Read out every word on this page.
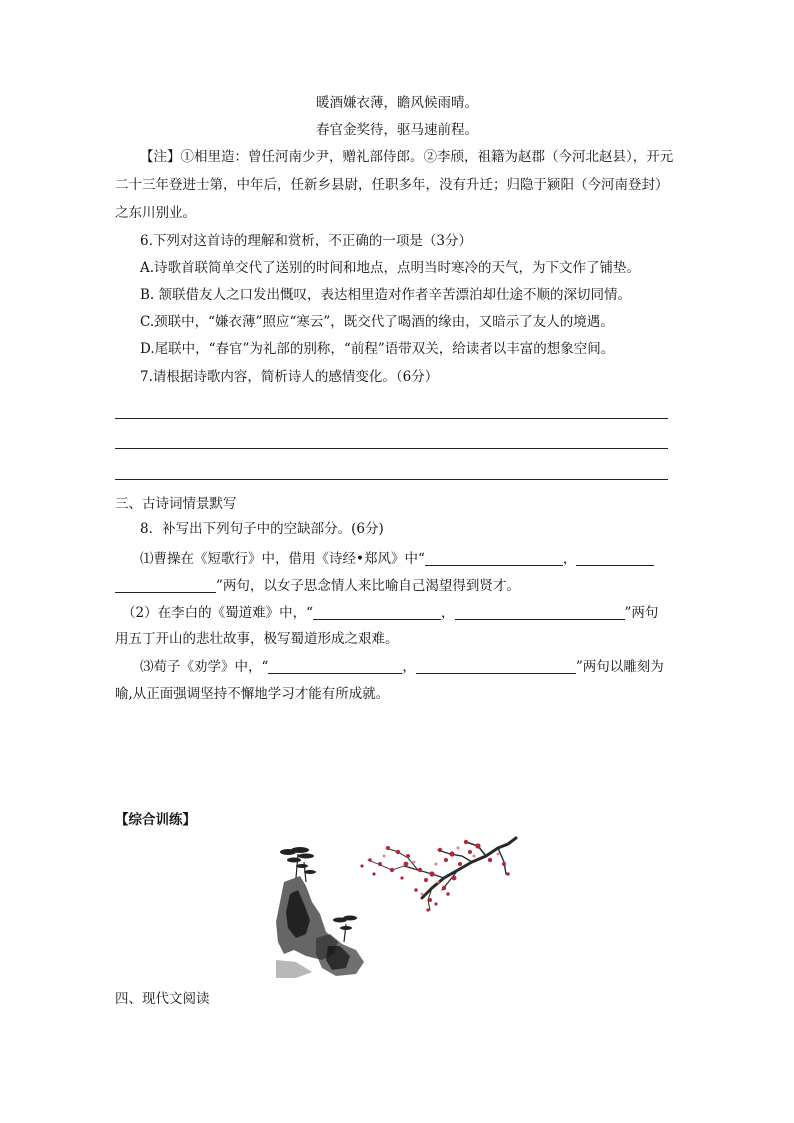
暖酒嫌衣薄，瞻风候雨晴。
春官金奖待，驱马速前程。
【注】①相里造：曾任河南少尹，赠礼部侍郎。②李颀，祖籍为赵郡（今河北赵县），开元
二十三年登进士第，中年后，任新乡县尉，任职多年，没有升迁；归隐于颍阳（今河南登封）
之东川别业。
6.下列对这首诗的理解和赏析，不正确的一项是（3分）
A.诗歌首联简单交代了送别的时间和地点，点明当时寒冷的天气，为下文作了铺垫。
B. 颔联借友人之口发出慨叹，表达相里造对作者辛苦漂泊却仕途不顺的深切同情。
C.颈联中，“嫌衣薄”照应“寒云”，既交代了喝酒的缘由，又暗示了友人的境遇。
D.尾联中，“春官”为礼部的别称，“前程”语带双关，给读者以丰富的想象空间。
7.请根据诗歌内容，简析诗人的感情变化。（6分）
三、古诗词情景默写
8．补写出下列句子中的空缺部分。(6分)
⑴曹操在《短歌行》中，借用《诗经•郑风》中“	，
”两句，以女子思念情人来比喻自己渴望得到贤才。
（2）在李白的《蜀道难》中，“	，	”两句
用五丁开山的悲壮故事，极写蜀道形成之艰难。
⑶荀子《劝学》中，“	，	”两句以雕刻为
喻,从正面强调坚持不懈地学习才能有所成就。
【综合训练】
四、现代文阅读
